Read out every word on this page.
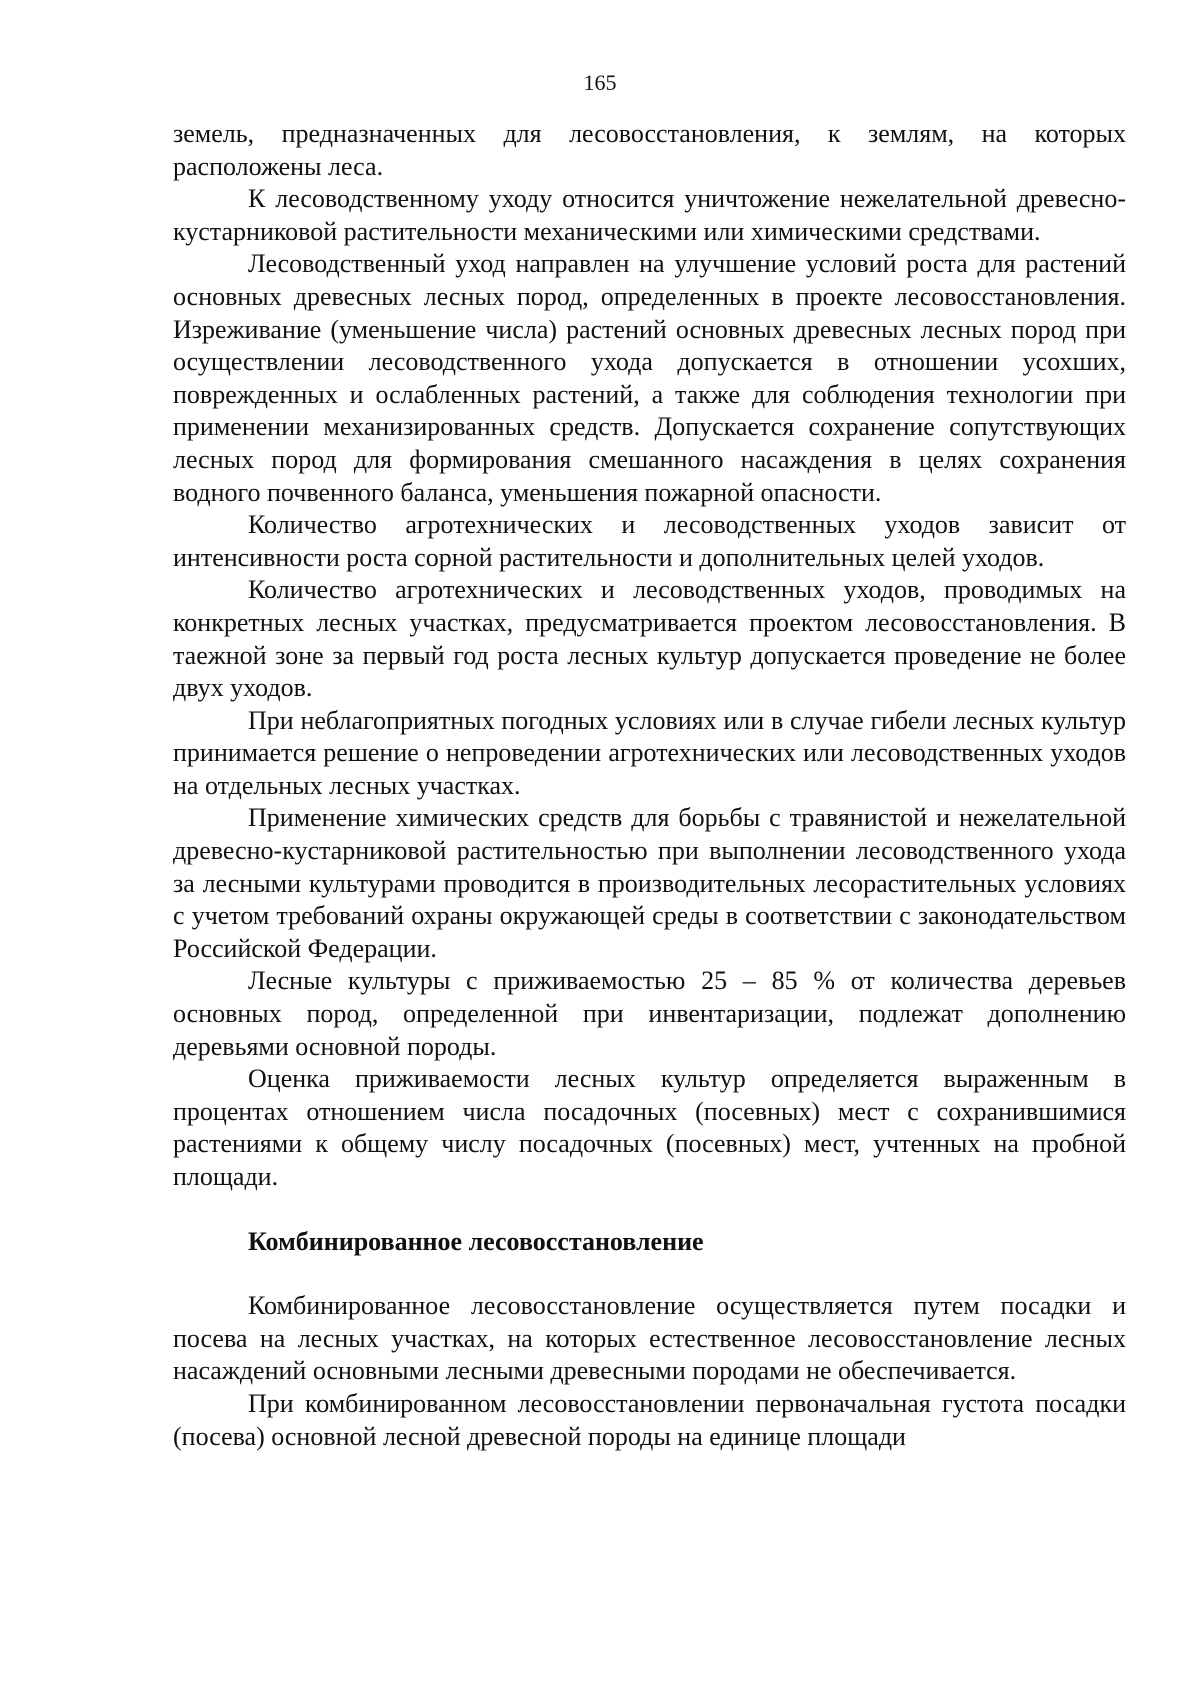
165

земель, предназначенных для лесовосстановления, к землям, на которых расположены леса.

К лесоводственному уходу относится уничтожение нежелательной древесно-кустарниковой растительности механическими или химическими средствами.

Лесоводственный уход направлен на улучшение условий роста для растений основных древесных лесных пород, определенных в проекте лесовосстановления. Изреживание (уменьшение числа) растений основных древесных лесных пород при осуществлении лесоводственного ухода допускается в отношении усохших, поврежденных и ослабленных растений, а также для соблюдения технологии при применении механизированных средств. Допускается сохранение сопутствующих лесных пород для формирования смешанного насаждения в целях сохранения водного почвенного баланса, уменьшения пожарной опасности.

Количество агротехнических и лесоводственных уходов зависит от интенсивности роста сорной растительности и дополнительных целей уходов.

Количество агротехнических и лесоводственных уходов, проводимых на конкретных лесных участках, предусматривается проектом лесовосстановления. В таежной зоне за первый год роста лесных культур допускается проведение не более двух уходов.

При неблагоприятных погодных условиях или в случае гибели лесных культур принимается решение о непроведении агротехнических или лесоводственных уходов на отдельных лесных участках.

Применение химических средств для борьбы с травянистой и нежелательной древесно-кустарниковой растительностью при выполнении лесоводственного ухода за лесными культурами проводится в производительных лесорастительных условиях с учетом требований охраны окружающей среды в соответствии с законодательством Российской Федерации.

Лесные культуры с приживаемостью 25 – 85 % от количества деревьев основных пород, определенной при инвентаризации, подлежат дополнению деревьями основной породы.

Оценка приживаемости лесных культур определяется выраженным в процентах отношением числа посадочных (посевных) мест с сохранившимися растениями к общему числу посадочных (посевных) мест, учтенных на пробной площади.

Комбинированное лесовосстановление

Комбинированное лесовосстановление осуществляется путем посадки и посева на лесных участках, на которых естественное лесовосстановление лесных насаждений основными лесными древесными породами не обеспечивается.

При комбинированном лесовосстановлении первоначальная густота посадки (посева) основной лесной древесной породы на единице площади
